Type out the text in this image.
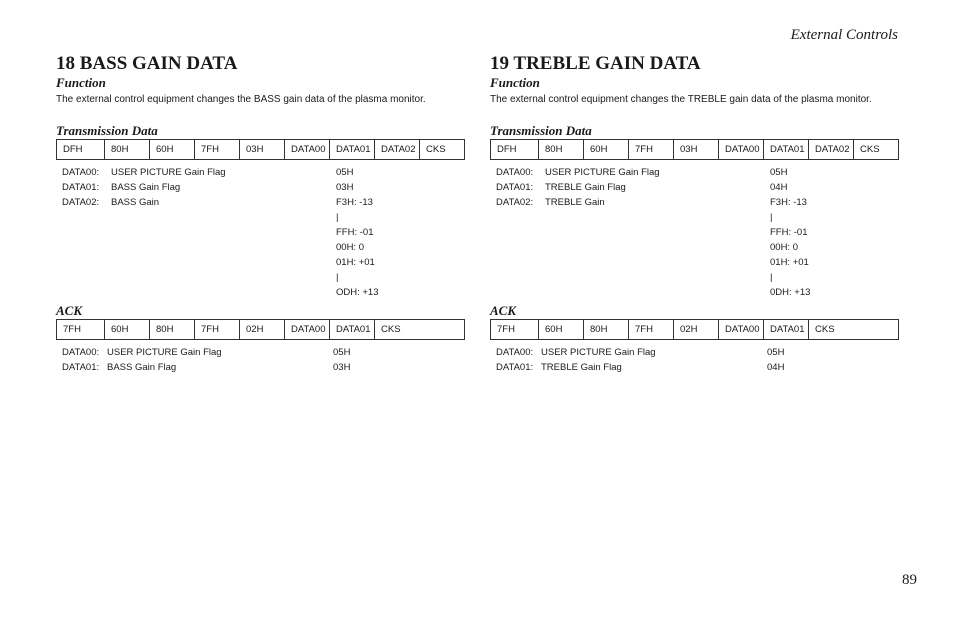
External Controls
18 BASS GAIN DATA
Function

The external control equipment changes the BASS gain data of the plasma monitor.

Transmission Data
DFH	80H	60H	7FH	03H	DATA00	DATA01	DATA02	CKS
DATA00: USER PICTURE Gain Flag	05H
DATA01: BASS Gain Flag	03H
DATA02: BASS Gain	F3H: -13
|
FFH: -01
00H: 0
01H: +01
|
ODH: +13
ACK
7FH	60H	80H	7FH	02H	DATA00	DATA01	CKS
DATA00: USER PICTURE Gain Flag	05H
DATA01: BASS Gain Flag	03H
19 TREBLE GAIN DATA
Function

The external control equipment changes the TREBLE gain data of the plasma monitor.

Transmission Data
DFH	80H	60H	7FH	03H	DATA00	DATA01	DATA02	CKS
DATA00: USER PICTURE Gain Flag	05H
DATA01: TREBLE Gain Flag	04H
DATA02: TREBLE Gain	F3H: -13
|
FFH: -01
00H: 0
01H: +01
|
0DH: +13
ACK
7FH	60H	80H	7FH	02H	DATA00	DATA01	CKS
DATA00: USER PICTURE Gain Flag	05H
DATA01: TREBLE Gain Flag	04H
89
